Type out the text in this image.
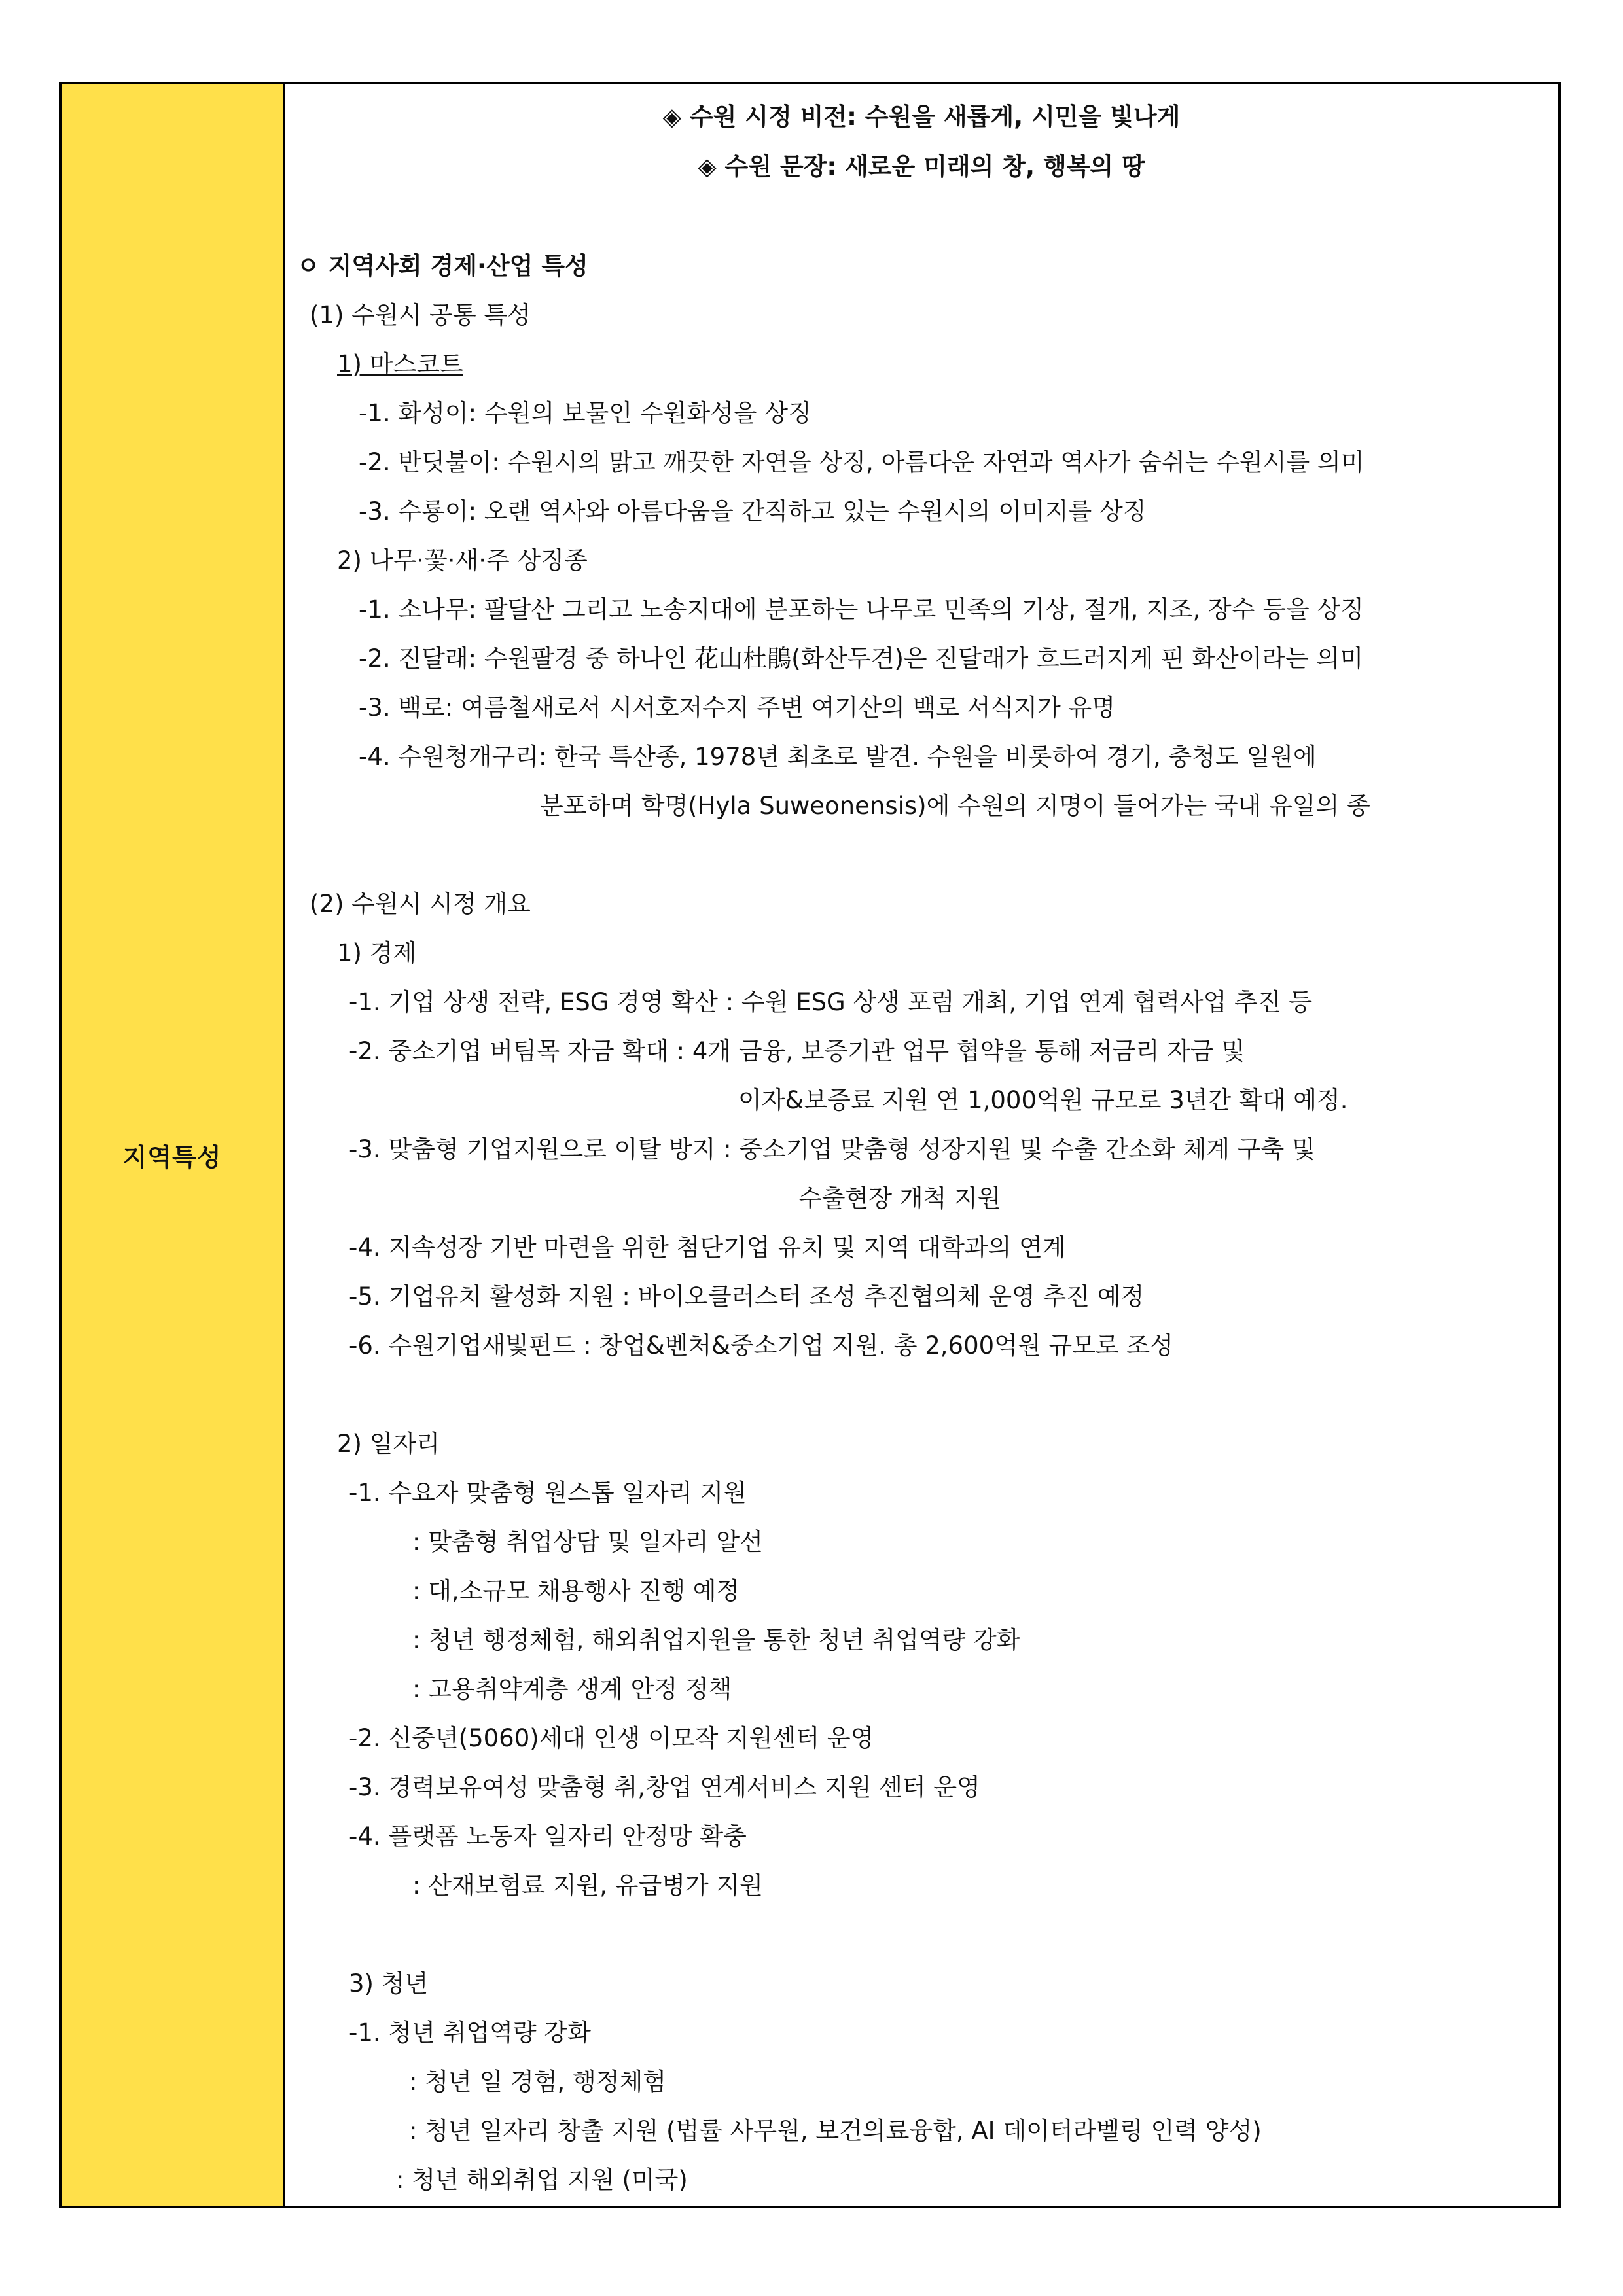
지역특성
◈ 수원 시정 비전: 수원을 새롭게, 시민을 빛나게
◈ 수원 문장: 새로운 미래의 창, 행복의 땅
ㅇ 지역사회 경제·산업 특성
(1) 수원시 공통 특성
1) 마스코트
-1. 화성이: 수원의 보물인 수원화성을 상징
-2. 반딧불이: 수원시의 맑고 깨끗한 자연을 상징, 아름다운 자연과 역사가 숨쉬는 수원시를 의미
-3. 수룡이: 오랜 역사와 아름다움을 간직하고 있는 수원시의 이미지를 상징
2) 나무·꽃·새·주 상징종
-1. 소나무: 팔달산 그리고 노송지대에 분포하는 나무로 민족의 기상, 절개, 지조, 장수 등을 상징
-2. 진달래: 수원팔경 중 하나인 花山杜鵑(화산두견)은 진달래가 흐드러지게 핀 화산이라는 의미
-3. 백로: 여름철새로서 시서호저수지 주변 여기산의 백로 서식지가 유명
-4. 수원청개구리: 한국 특산종, 1978년 최초로 발견. 수원을 비롯하여 경기, 충청도 일원에
분포하며 학명(Hyla Suweonensis)에 수원의 지명이 들어가는 국내 유일의 종
(2) 수원시 시정 개요
1) 경제
-1. 기업 상생 전략, ESG 경영 확산 : 수원 ESG 상생 포럼 개최, 기업 연계 협력사업 추진 등
-2. 중소기업 버팀목 자금 확대 : 4개 금융, 보증기관 업무 협약을 통해 저금리 자금 및
이자&보증료 지원 연 1,000억원 규모로 3년간 확대 예정.
-3. 맞춤형 기업지원으로 이탈 방지 : 중소기업 맞춤형 성장지원 및 수출 간소화 체계 구축 및
수출현장 개척 지원
-4. 지속성장 기반 마련을 위한 첨단기업 유치 및 지역 대학과의 연계
-5. 기업유치 활성화 지원 : 바이오클러스터 조성 추진협의체 운영 추진 예정
-6. 수원기업새빛펀드 : 창업&벤처&중소기업 지원. 총 2,600억원 규모로 조성
2) 일자리
-1. 수요자 맞춤형 원스톱 일자리 지원
: 맞춤형 취업상담 및 일자리 알선
: 대,소규모 채용행사 진행 예정
: 청년 행정체험, 해외취업지원을 통한 청년 취업역량 강화
: 고용취약계층 생계 안정 정책
-2. 신중년(5060)세대 인생 이모작 지원센터 운영
-3. 경력보유여성 맞춤형 취,창업 연계서비스 지원 센터 운영
-4. 플랫폼 노동자 일자리 안정망 확충
: 산재보험료 지원, 유급병가 지원
3) 청년
-1. 청년 취업역량 강화
: 청년 일 경험, 행정체험
: 청년 일자리 창출 지원 (법률 사무원, 보건의료융합, AI 데이터라벨링 인력 양성)
: 청년 해외취업 지원 (미국)
